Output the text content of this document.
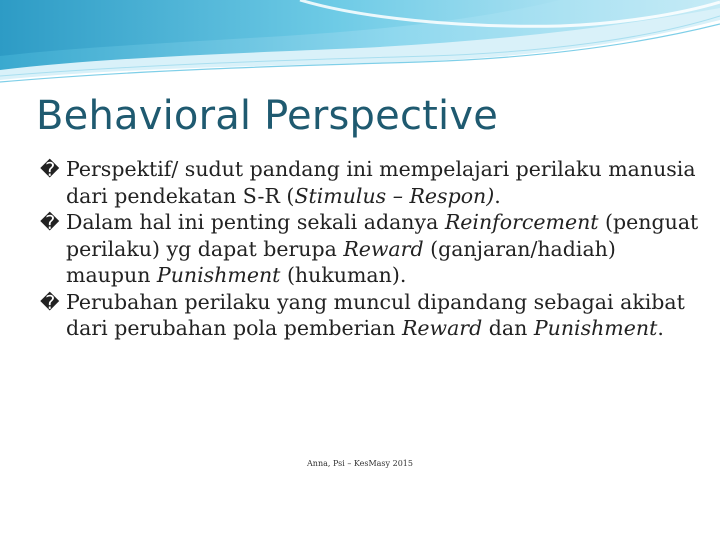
Behavioral Perspective
� Perspektif/ sudut pandang ini mempelajari perilaku manusia dari pendekatan S-R (Stimulus – Respon).
� Dalam hal ini penting sekali adanya Reinforcement (penguat perilaku) yg dapat berupa Reward (ganjaran/hadiah) maupun Punishment (hukuman).
� Perubahan perilaku yang muncul dipandang sebagai akibat dari perubahan pola pemberian Reward dan Punishment.
Anna, Psi – KesMasy 2015
